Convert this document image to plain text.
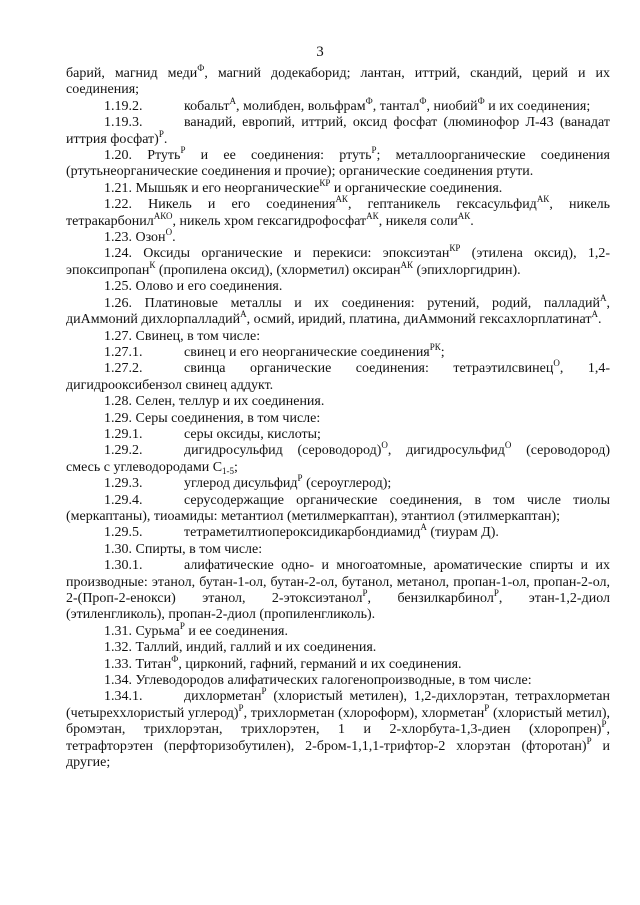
3

барий, магнид меди$^Ф$, магний додекаборид; лантан, иттрий, скандий, церий и их соединения;

1.19.2.	кобальт$^А$, молибден, вольфрам$^Ф$, тантал$^Ф$, ниобий$^Ф$ и их соединения;

1.19.3.	ванадий, европий, иттрий, оксид фосфат (люминофор Л-43 (ванадат иттрия фосфат)$^Р$.

1.20. Ртуть$^Р$ и ее соединения: ртуть$^Р$; металлоорганические соединения (ртутьнеорганические соединения и прочие); органические соединения ртути.

1.21. Мышьяк и его неорганические$^{КР}$ и органические соединения.

1.22. Никель и его соединения$^{АК}$, гептаникель гексасульфид$^{АК}$, никель тетракарбонил$^{АКО}$, никель хром гексагидрофосфат$^{АК}$, никеля соли$^{АК}$.

1.23. Озон$^О$.

1.24. Оксиды органические и перекиси: эпоксиэтан$^{КР}$ (этилена оксид), 1,2-эпоксипропан$^К$ (пропилена оксид), (хлорметил) оксиран$^{АК}$ (эпихлоргидрин).

1.25. Олово и его соединения.

1.26. Платиновые металлы и их соединения: рутений, родий, палладий$^А$, диАммоний дихлорпалладий$^А$, осмий, иридий, платина, диАммоний гексахлорплатинат$^А$.

1.27. Свинец, в том числе:

1.27.1.	свинец и его неорганические соединения$^{РК}$;

1.27.2.	свинца органические соединения: тетраэтилсвинец$^О$, 1,4-дигидрооксибензол свинец аддукт.

1.28. Селен, теллур и их соединения.

1.29. Серы соединения, в том числе:

1.29.1.	серы оксиды, кислоты;

1.29.2.	дигидросульфид (сероводород)$^О$, дигидросульфид$^О$ (сероводород) смесь с углеводородами $С_{1-5}$;

1.29.3.	углерод дисульфид$^Р$ (сероуглерод);

1.29.4.	серусодержащие органические соединения, в том числе тиолы (меркаптаны), тиоамиды: метантиол (метилмеркаптан), этантиол (этилмеркаптан);

1.29.5.	тетраметилтиопероксидикарбондиамид$^А$ (тиурам Д).

1.30. Спирты, в том числе:

1.30.1.	алифатические одно- и многоатомные, ароматические спирты и их производные: этанол, бутан-1-ол, бутан-2-ол, бутанол, метанол, пропан-1-ол, пропан-2-ол, 2-(Проп-2-енокси) этанол, 2-этоксиэтанол$^Р$, бензилкарбинол$^Р$, этан-1,2-диол (этиленгликоль), пропан-2-диол (пропиленгликоль).

1.31. Сурьма$^Р$ и ее соединения.

1.32. Таллий, индий, галлий и их соединения.

1.33. Титан$^Ф$, цирконий, гафний, германий и их соединения.

1.34. Углеводородов алифатических галогенопроизводные, в том числе:

1.34.1.	дихлорметан$^Р$ (хлористый метилен), 1,2-дихлорэтан, тетрахлорметан (четыреххлористый углерод)$^Р$, трихлорметан (хлороформ), хлорметан$^Р$ (хлористый метил), бромэтан, трихлорэтан, трихлорэтен, 1 и 2-хлорбута-1,3-диен (хлоропрен)$^Р$, тетрафторэтен (перфторизобутилен), 2-бром-1,1,1-трифтор-2 хлорэтан (фторотан)$^Р$ и другие;
